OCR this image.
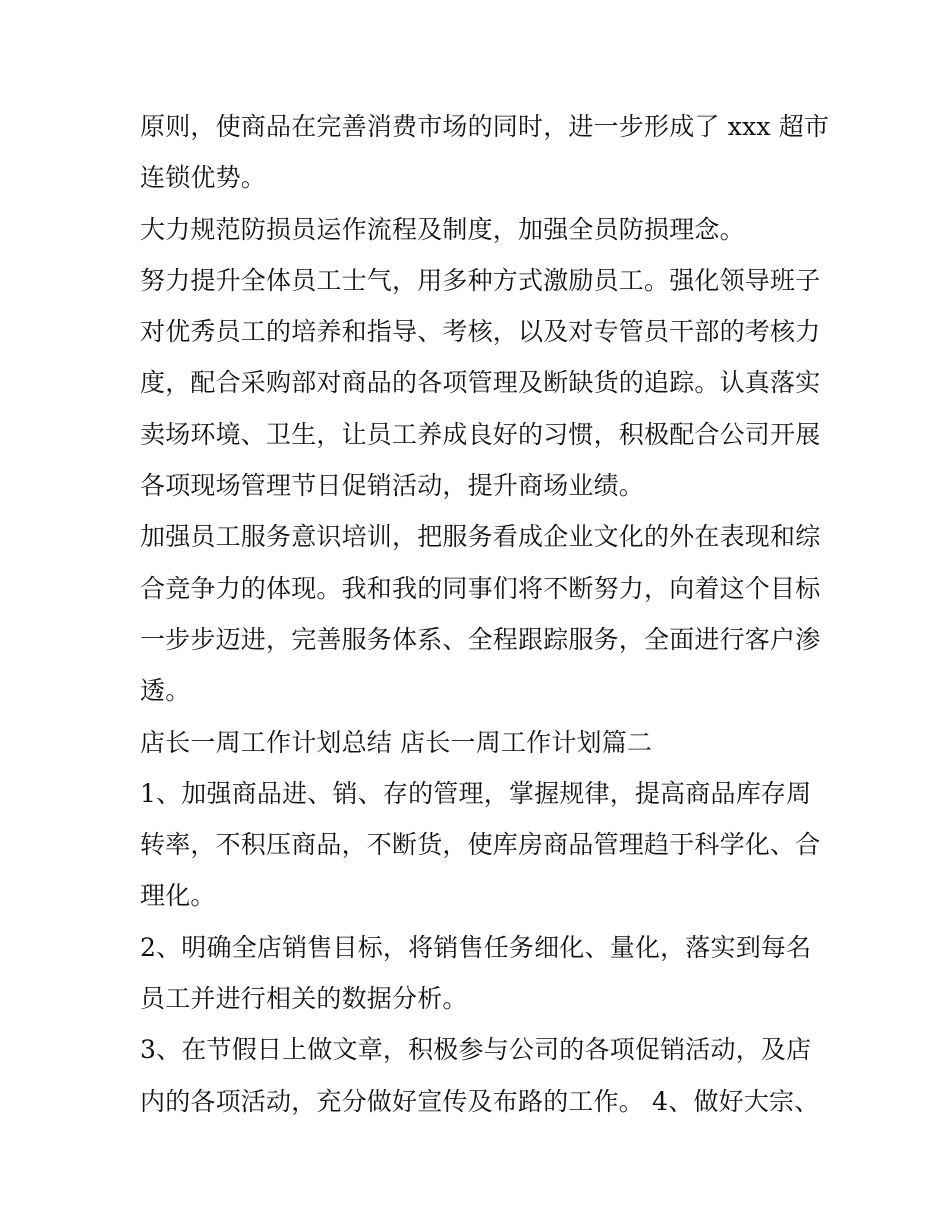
原则，使商品在完善消费市场的同时，进一步形成了 xxx 超市
连锁优势。
大力规范防损员运作流程及制度，加强全员防损理念。
努力提升全体员工士气，用多种方式激励员工。强化领导班子
对优秀员工的培养和指导、考核，以及对专管员干部的考核力
度，配合采购部对商品的各项管理及断缺货的追踪。认真落实
卖场环境、卫生，让员工养成良好的习惯，积极配合公司开展
各项现场管理节日促销活动，提升商场业绩。
加强员工服务意识培训，把服务看成企业文化的外在表现和综
合竞争力的体现。我和我的同事们将不断努力，向着这个目标
一步步迈进，完善服务体系、全程跟踪服务，全面进行客户渗
透。
店长一周工作计划总结 店长一周工作计划篇二
1、加强商品进、销、存的管理，掌握规律，提高商品库存周
转率，不积压商品，不断货，使库房商品管理趋于科学化、合
理化。
2、明确全店销售目标，将销售任务细化、量化，落实到每名
员工并进行相关的数据分析。
3、在节假日上做文章，积极参与公司的各项促销活动，及店
内的各项活动，充分做好宣传及布路的工作。 4、做好大宗、
